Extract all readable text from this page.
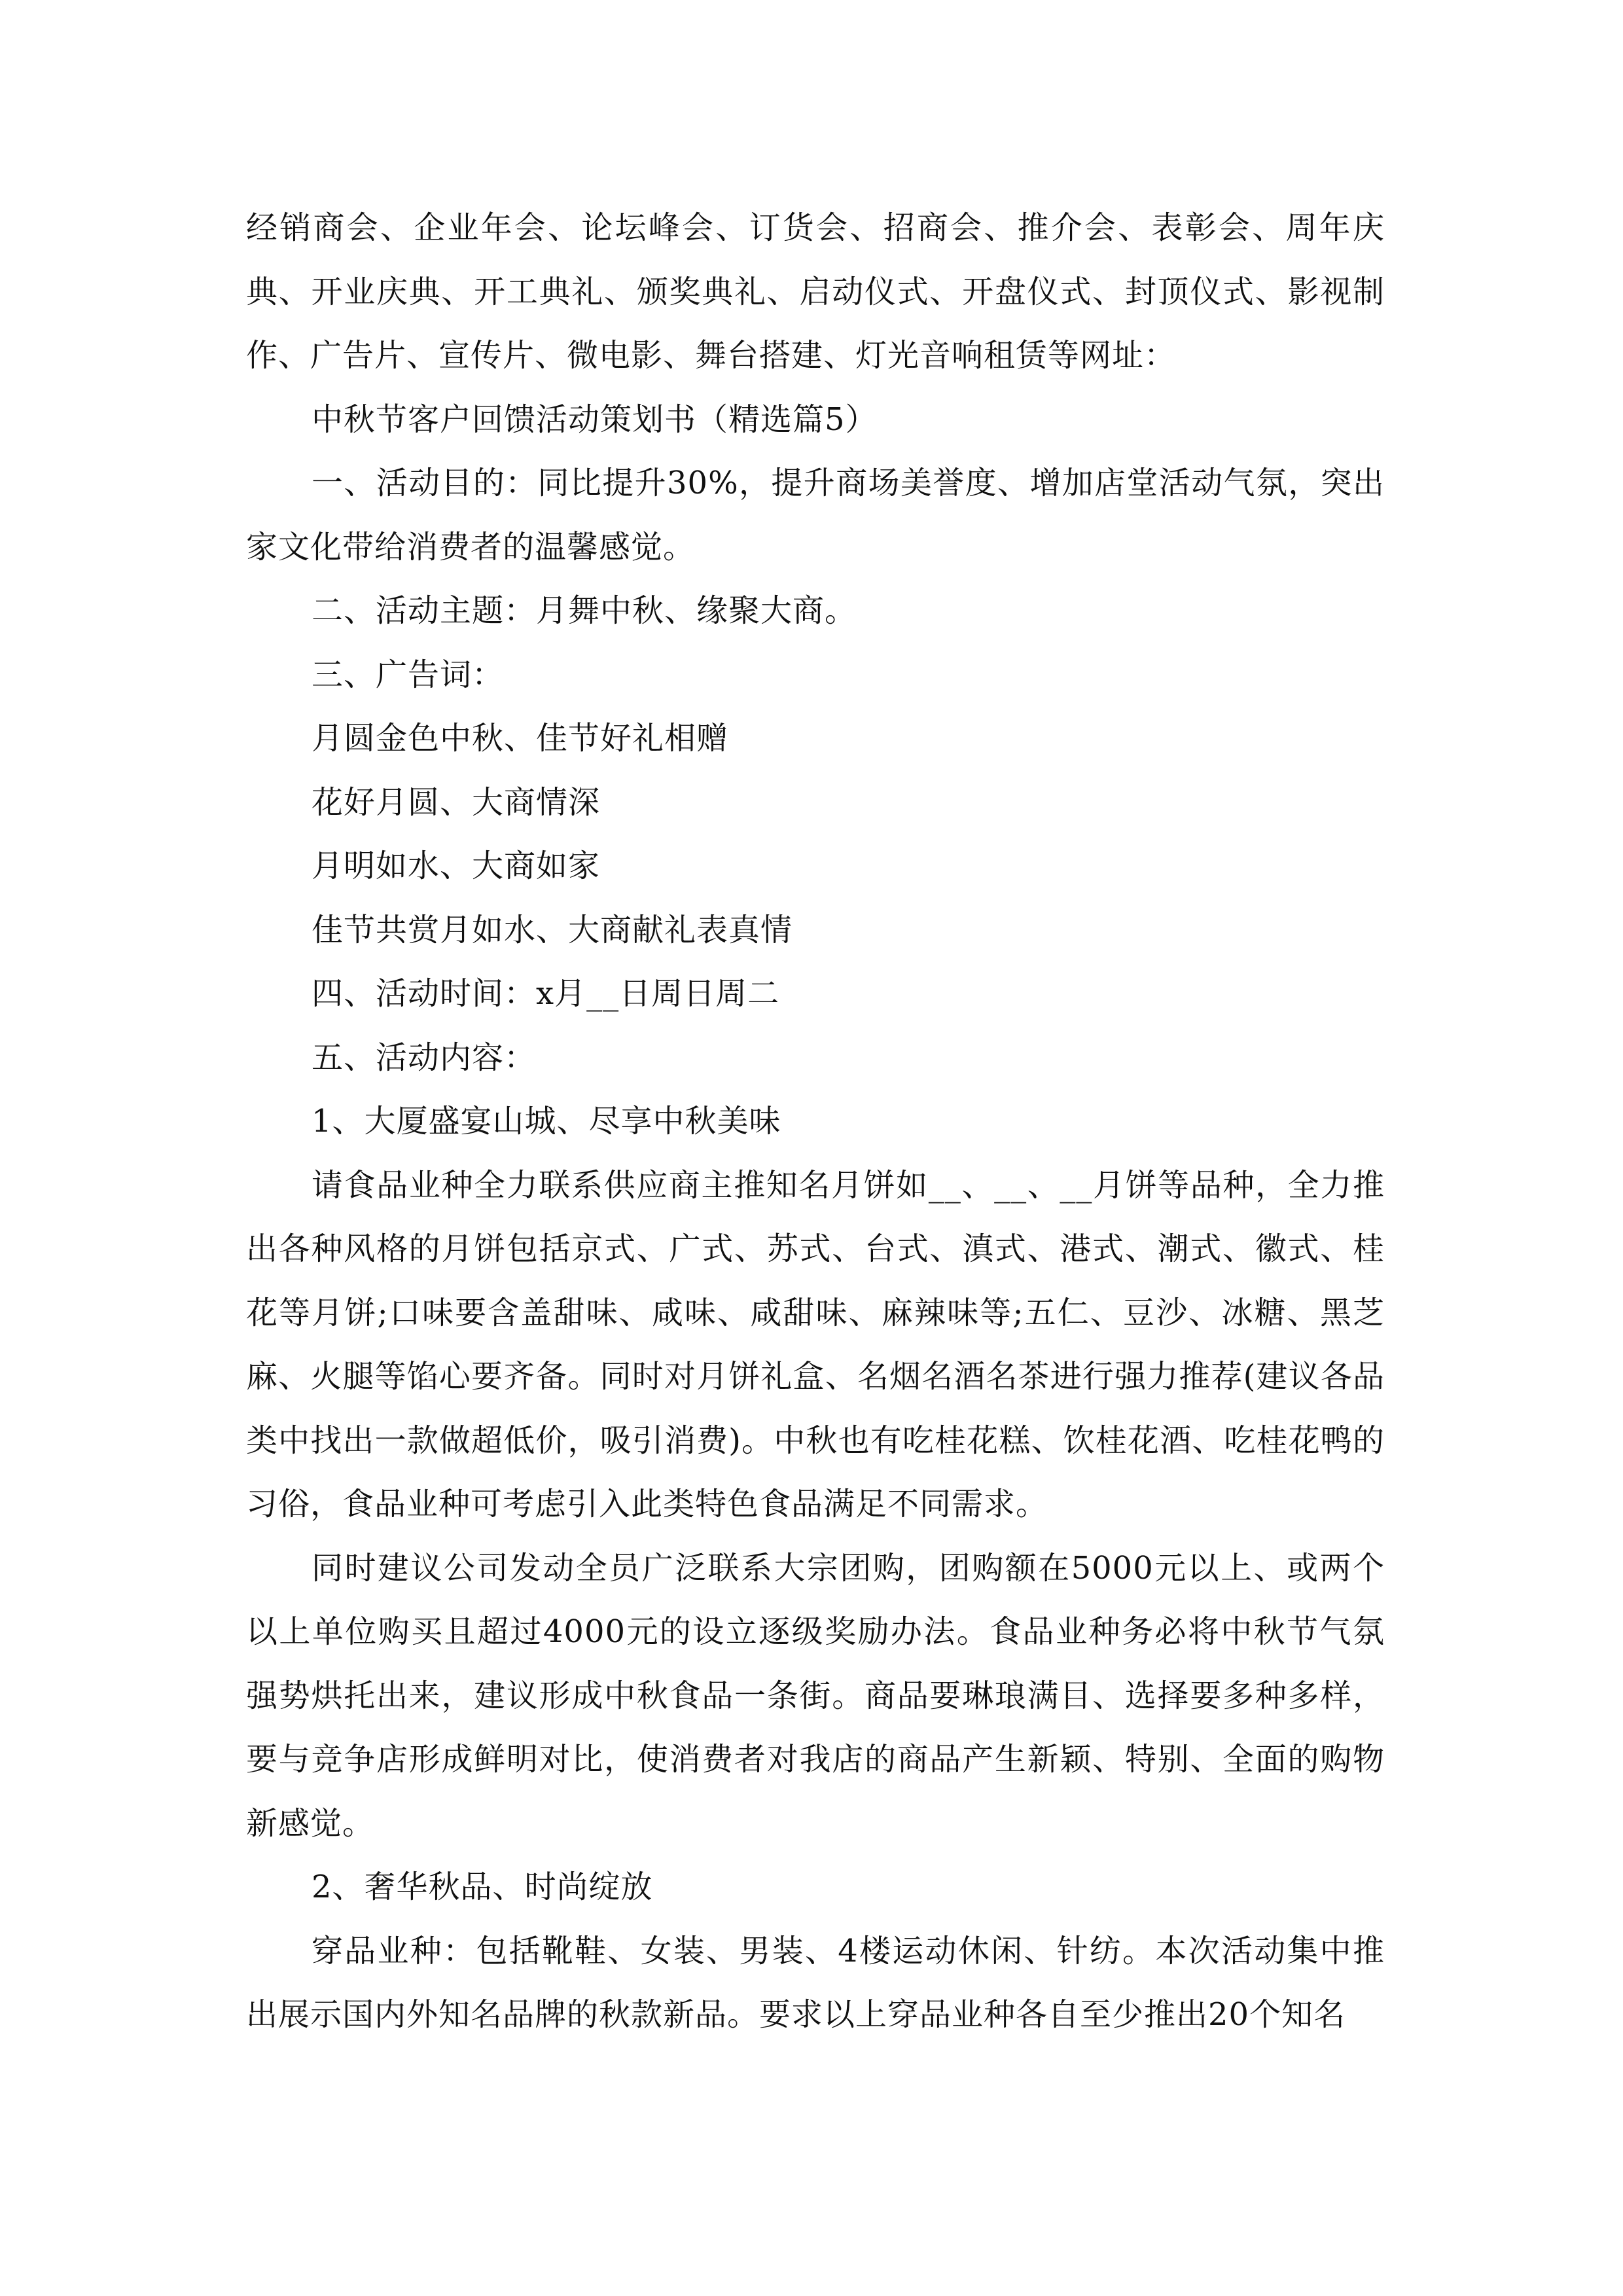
经销商会、企业年会、论坛峰会、订货会、招商会、推介会、表彰会、周年庆典、开业庆典、开工典礼、颁奖典礼、启动仪式、开盘仪式、封顶仪式、影视制作、广告片、宣传片、微电影、舞台搭建、灯光音响租赁等网址：

中秋节客户回馈活动策划书（精选篇5）

一、活动目的：同比提升30%，提升商场美誉度、增加店堂活动气氛，突出家文化带给消费者的温馨感觉。

二、活动主题：月舞中秋、缘聚大商。

三、广告词：

月圆金色中秋、佳节好礼相赠

花好月圆、大商情深

月明如水、大商如家

佳节共赏月如水、大商献礼表真情

四、活动时间：x月__日周日周二

五、活动内容：

1、大厦盛宴山城、尽享中秋美味

请食品业种全力联系供应商主推知名月饼如__、__、__月饼等品种，全力推出各种风格的月饼包括京式、广式、苏式、台式、滇式、港式、潮式、徽式、桂花等月饼;口味要含盖甜味、咸味、咸甜味、麻辣味等;五仁、豆沙、冰糖、黑芝麻、火腿等馅心要齐备。同时对月饼礼盒、名烟名酒名茶进行强力推荐(建议各品类中找出一款做超低价，吸引消费)。中秋也有吃桂花糕、饮桂花酒、吃桂花鸭的习俗，食品业种可考虑引入此类特色食品满足不同需求。

同时建议公司发动全员广泛联系大宗团购，团购额在5000元以上、或两个以上单位购买且超过4000元的设立逐级奖励办法。食品业种务必将中秋节气氛强势烘托出来，建议形成中秋食品一条街。商品要琳琅满目、选择要多种多样，要与竞争店形成鲜明对比，使消费者对我店的商品产生新颖、特别、全面的购物新感觉。

2、奢华秋品、时尚绽放

穿品业种：包括靴鞋、女装、男装、4楼运动休闲、针纺。本次活动集中推出展示国内外知名品牌的秋款新品。要求以上穿品业种各自至少推出20个知名
